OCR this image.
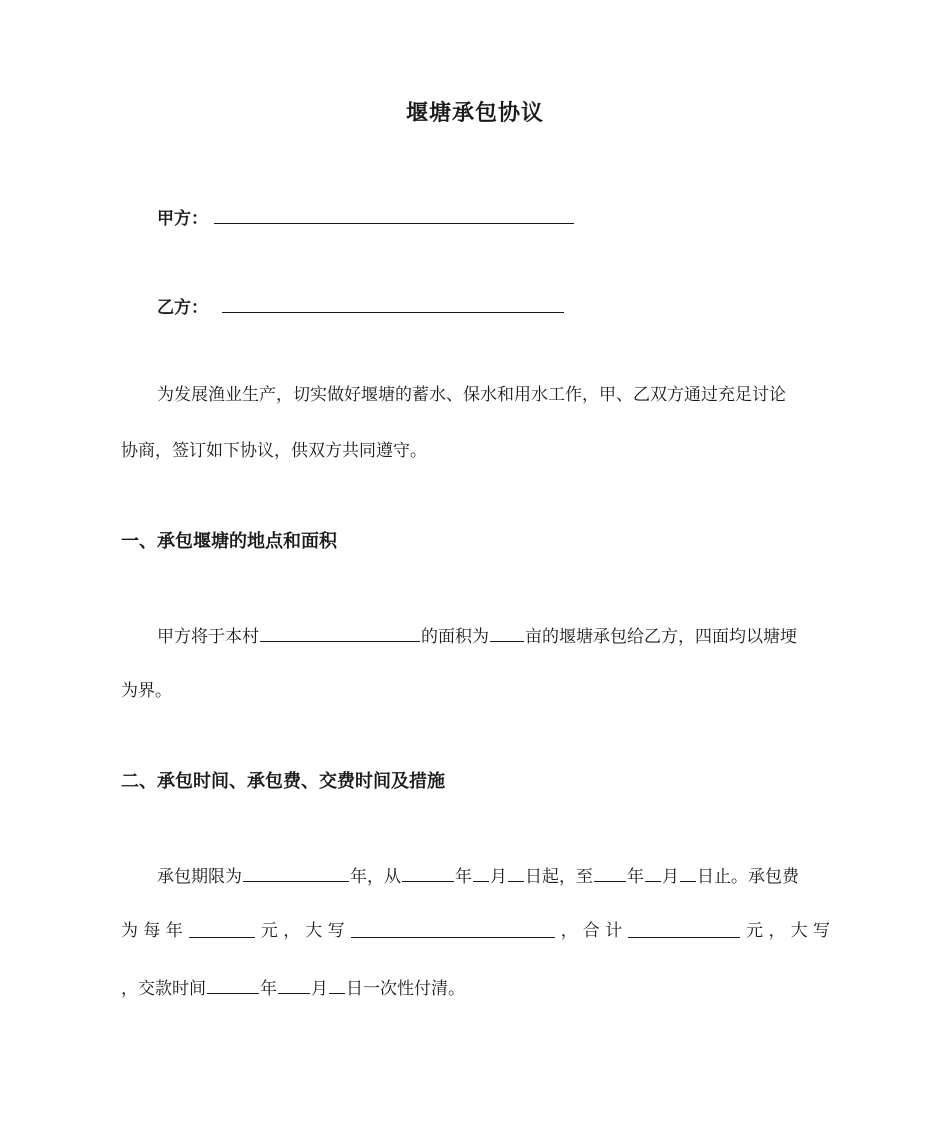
堰塘承包协议
甲方：
乙方：
为发展渔业生产，切实做好堰塘的蓄水、保水和用水工作，甲、乙双方通过充足讨论
协商，签订如下协议，供双方共同遵守。
一、承包堰塘的地点和面积
甲方将于本村	的面积为 亩的堰塘承包给乙方，四面均以塘埂
为界。
二、承包时间、承包费、交费时间及措施
承包期限为	年，从	年 月 日起，至 年 月 日止。承包费
为 每 年	元 ， 大 写	， 合 计	元 ， 大 写
，交款时间	年 月 日一次性付清。
